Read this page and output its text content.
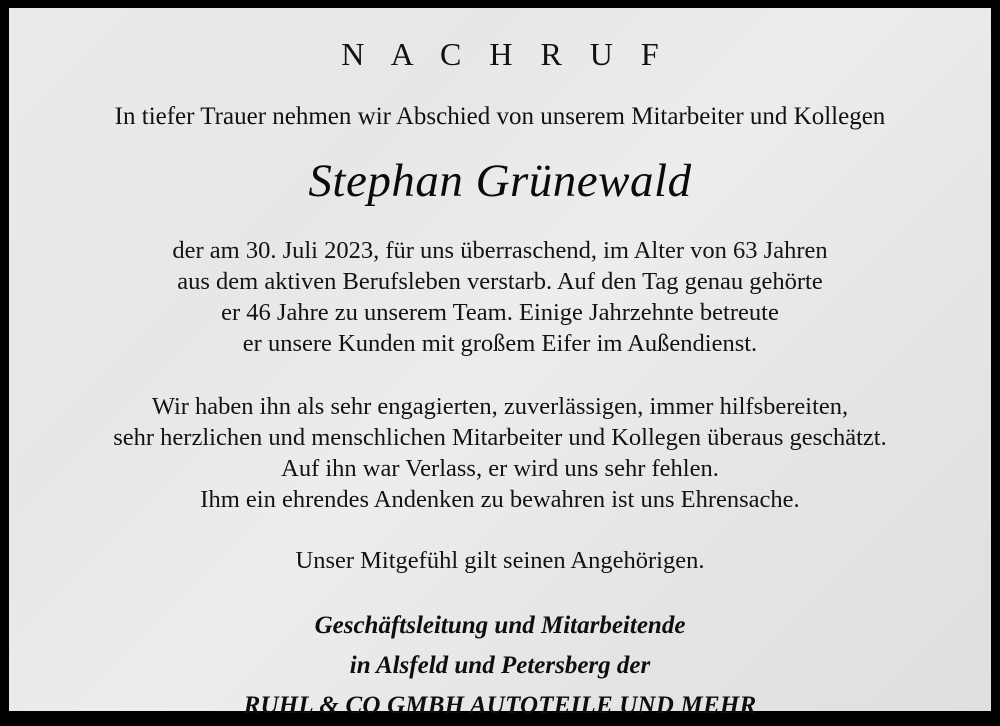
N A C H R U F
In tiefer Trauer nehmen wir Abschied von unserem Mitarbeiter und Kollegen
Stephan Grünewald
der am 30. Juli 2023, für uns überraschend, im Alter von 63 Jahren
aus dem aktiven Berufsleben verstarb. Auf den Tag genau gehörte
er 46 Jahre zu unserem Team. Einige Jahrzehnte betreute
er unsere Kunden mit großem Eifer im Außendienst.
Wir haben ihn als sehr engagierten, zuverlässigen, immer hilfsbereiten,
sehr herzlichen und menschlichen Mitarbeiter und Kollegen überaus geschätzt.
Auf ihn war Verlass, er wird uns sehr fehlen.
Ihm ein ehrendes Andenken zu bewahren ist uns Ehrensache.
Unser Mitgefühl gilt seinen Angehörigen.
Geschäftsleitung und Mitarbeitende
in Alsfeld und Petersberg der
RUHL & CO GMBH AUTOTEILE UND MEHR
